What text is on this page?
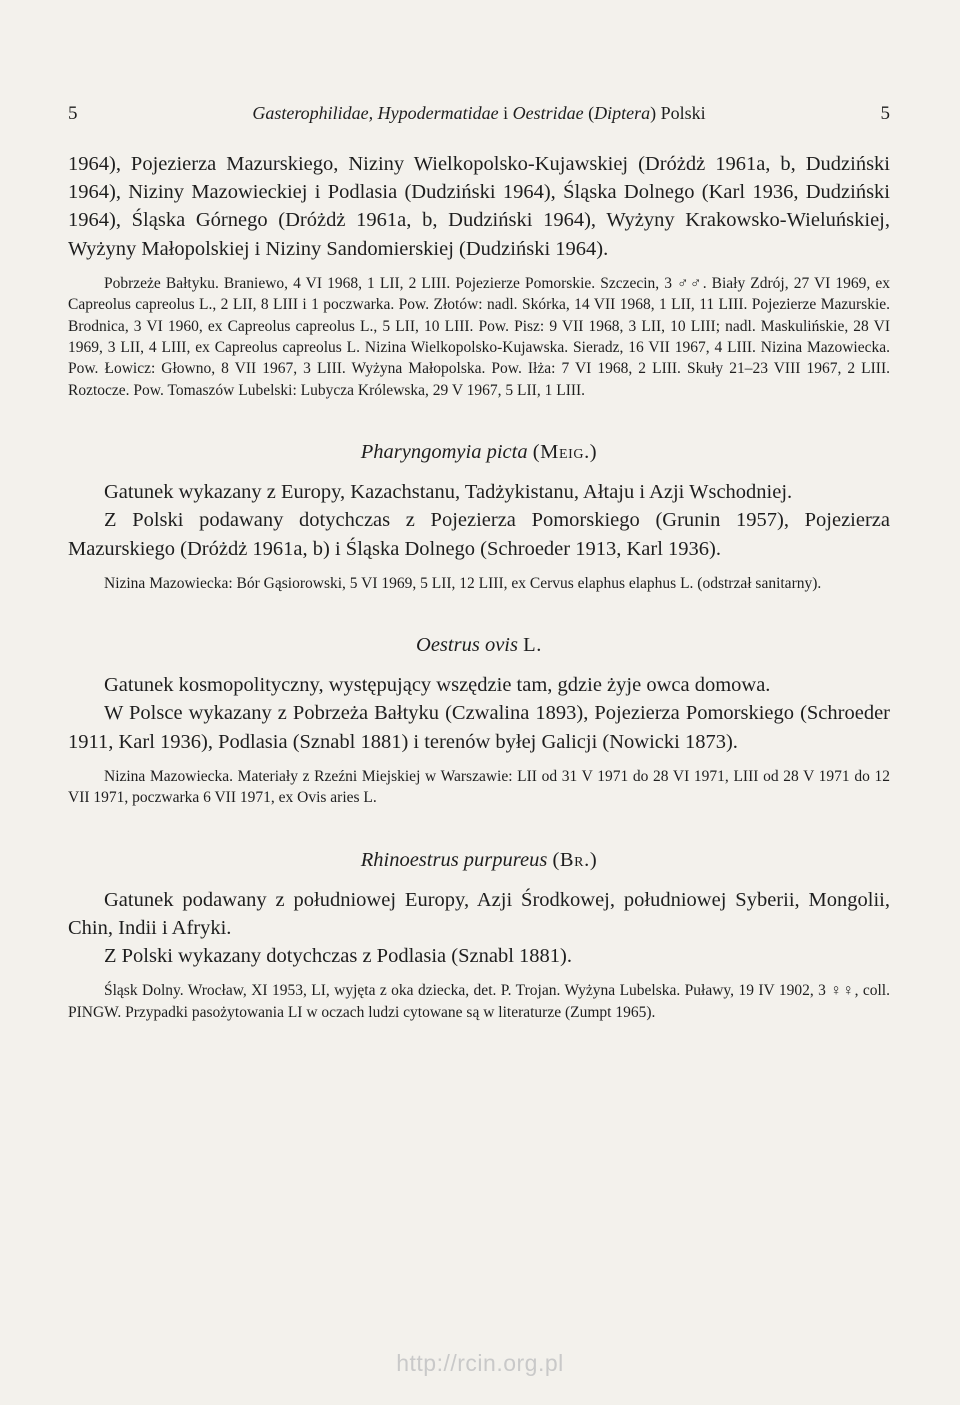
5	Gasterophilidae, Hypodermatidae i Oestridae (Diptera) Polski	5

1964), Pojezierza Mazurskiego, Niziny Wielkopolsko-Kujawskiej (Dróżdż 1961a, b, Dudziński 1964), Niziny Mazowieckiej i Podlasia (Dudziński 1964), Śląska Dolnego (Karl 1936, Dudziński 1964), Śląska Górnego (Dróżdż 1961a, b, Dudziński 1964), Wyżyny Krakowsko-Wieluńskiej, Wyżyny Małopolskiej i Niziny Sandomierskiej (Dudziński 1964).

Pobrzeże Bałtyku. Braniewo, 4 VI 1968, 1 LII, 2 LIII. Pojezierze Pomorskie. Szczecin, 3 ♂♂. Biały Zdrój, 27 VI 1969, ex Capreolus capreolus L., 2 LII, 8 LIII i 1 poczwarka. Pow. Złotów: nadl. Skórka, 14 VII 1968, 1 LII, 11 LIII. Pojezierze Mazurskie. Brodnica, 3 VI 1960, ex Capreolus capreolus L., 5 LII, 10 LIII. Pow. Pisz: 9 VII 1968, 3 LII, 10 LIII; nadl. Maskulińskie, 28 VI 1969, 3 LII, 4 LIII, ex Capreolus capreolus L. Nizina Wielkopolsko-Kujawska. Sieradz, 16 VII 1967, 4 LIII. Nizina Mazowiecka. Pow. Łowicz: Głowno, 8 VII 1967, 3 LIII. Wyżyna Małopolska. Pow. Iłża: 7 VI 1968, 2 LIII. Skuły 21–23 VIII 1967, 2 LIII. Roztocze. Pow. Tomaszów Lubelski: Lubycza Królewska, 29 V 1967, 5 LII, 1 LIII.

Pharyngomyia picta (Meig.)

Gatunek wykazany z Europy, Kazachstanu, Tadżykistanu, Ałtaju i Azji Wschodniej.

Z Polski podawany dotychczas z Pojezierza Pomorskiego (Grunin 1957), Pojezierza Mazurskiego (Dróżdż 1961a, b) i Śląska Dolnego (Schroeder 1913, Karl 1936).

Nizina Mazowiecka: Bór Gąsiorowski, 5 VI 1969, 5 LII, 12 LIII, ex Cervus elaphus elaphus L. (odstrzał sanitarny).

Oestrus ovis L.

Gatunek kosmopolityczny, występujący wszędzie tam, gdzie żyje owca domowa.

W Polsce wykazany z Pobrzeża Bałtyku (Czwalina 1893), Pojezierza Pomorskiego (Schroeder 1911, Karl 1936), Podlasia (Sznabl 1881) i terenów byłej Galicji (Nowicki 1873).

Nizina Mazowiecka. Materiały z Rzeźni Miejskiej w Warszawie: LII od 31 V 1971 do 28 VI 1971, LIII od 28 V 1971 do 12 VII 1971, poczwarka 6 VII 1971, ex Ovis aries L.

Rhinoestrus purpureus (Br.)

Gatunek podawany z południowej Europy, Azji Środkowej, południowej Syberii, Mongolii, Chin, Indii i Afryki.

Z Polski wykazany dotychczas z Podlasia (Sznabl 1881).

Śląsk Dolny. Wrocław, XI 1953, LI, wyjęta z oka dziecka, det. P. Trojan. Wyżyna Lubelska. Puławy, 19 IV 1902, 3 ♀♀, coll. PINGW. Przypadki pasożytowania LI w oczach ludzi cytowane są w literaturze (Zumpt 1965).

http://rcin.org.pl
